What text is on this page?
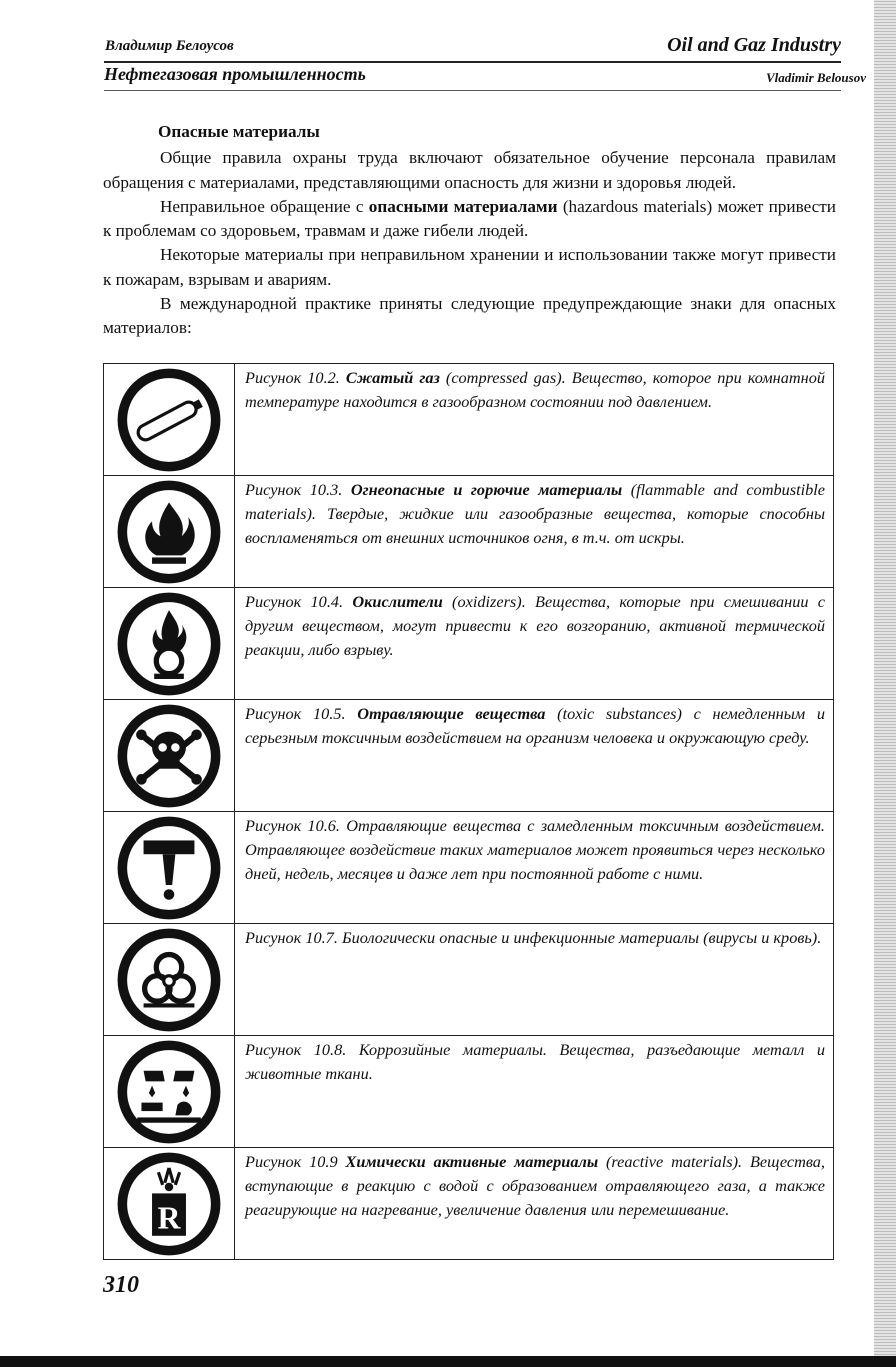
Владимир Белоусов	Oil and Gaz Industry
Нефтегазовая промышленность	Vladimir Belousov
Опасные материалы

Общие правила охраны труда включают обязательное обучение персонала правилам обращения с материалами, представляющими опасность для жизни и здоровья людей.

Неправильное обращение с опасными материалами (hazardous materials) может привести к проблемам со здоровьем, травмам и даже гибели людей.

Некоторые материалы при неправильном хранении и использовании также могут привести к пожарам, взрывам и авариям.

В международной практике приняты следующие предупреждающие знаки для опасных материалов:

	Рисунок 10.2. Сжатый газ (compressed gas). Вещество, которое при комнатной температуре находится в газообразном состоянии под давлением.

	Рисунок 10.3. Огнеопасные и горючие материалы (flammable and combustible materials). Твердые, жидкие или газообразные вещества, которые способны воспламеняться от внешних источников огня, в т.ч. от искры.

	Рисунок 10.4. Окислители (oxidizers). Вещества, которые при смешивании с другим веществом, могут привести к его возгоранию, активной термической реакции, либо взрыву.

	Рисунок 10.5. Отравляющие вещества (toxic substances) с немедленным и серьезным токсичным воздействием на организм человека и окружающую среду.

	Рисунок 10.6. Отравляющие вещества с замедленным токсичным воздействием. Отравляющее воздействие таких материалов может проявиться через несколько дней, недель, месяцев и даже лет при постоянной работе с ними.

	Рисунок 10.7. Биологически опасные и инфекционные материалы (вирусы и кровь).

	Рисунок 10.8. Коррозийные материалы. Вещества, разъедающие металл и животные ткани.

R	Рисунок 10.9 Химически активные материалы (reactive materials). Вещества, вступающие в реакцию с водой с образованием отравляющего газа, а также реагирующие на нагревание, увеличение давления или перемешивание.
310
